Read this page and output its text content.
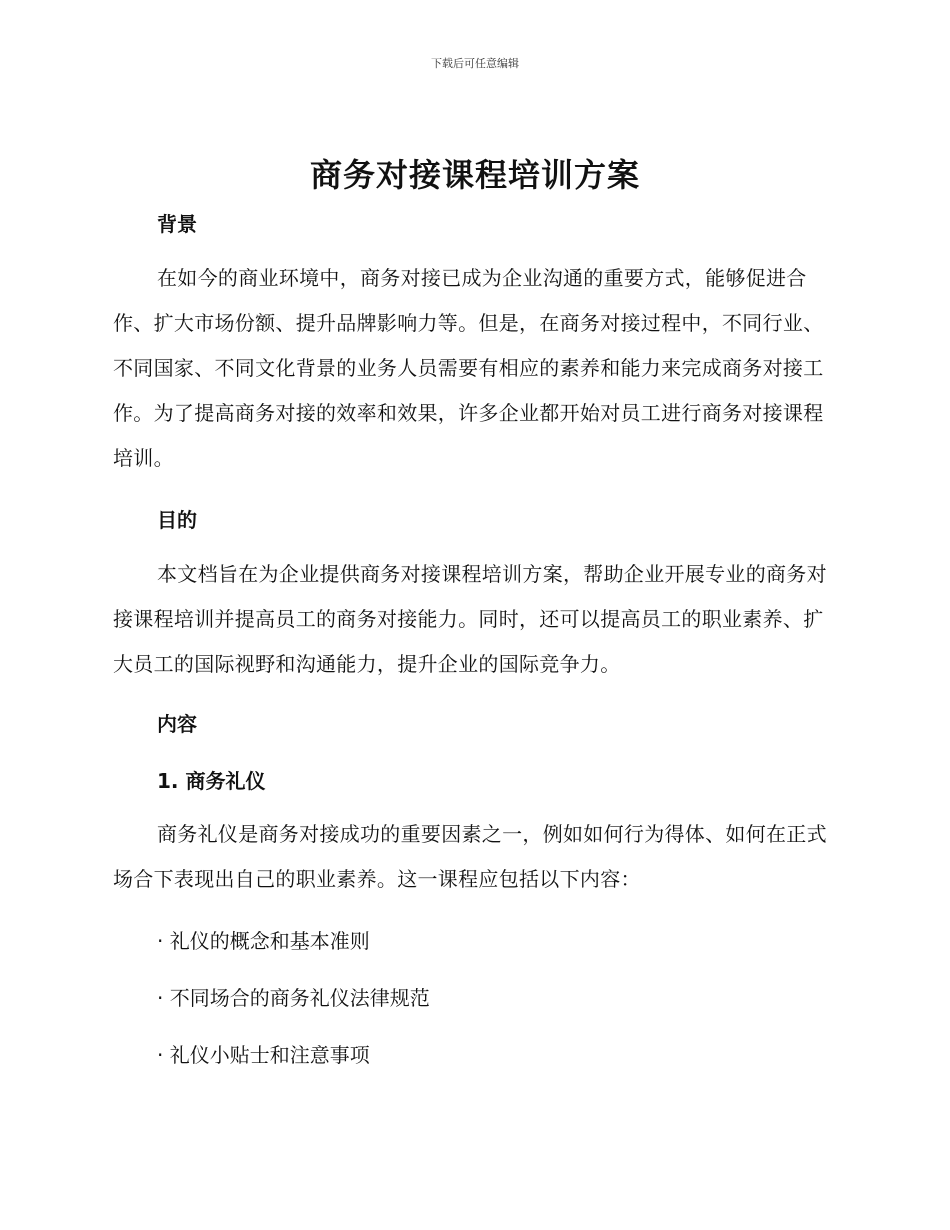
下载后可任意编辑
商务对接课程培训方案
背景

在如今的商业环境中，商务对接已成为企业沟通的重要方式，能够促进合作、扩大市场份额、提升品牌影响力等。但是，在商务对接过程中，不同行业、不同国家、不同文化背景的业务人员需要有相应的素养和能力来完成商务对接工作。为了提高商务对接的效率和效果，许多企业都开始对员工进行商务对接课程培训。

目的

本文档旨在为企业提供商务对接课程培训方案，帮助企业开展专业的商务对接课程培训并提高员工的商务对接能力。同时，还可以提高员工的职业素养、扩大员工的国际视野和沟通能力，提升企业的国际竞争力。

内容
1. 商务礼仪

商务礼仪是商务对接成功的重要因素之一，例如如何行为得体、如何在正式场合下表现出自己的职业素养。这一课程应包括以下内容：

· 礼仪的概念和基本准则
· 不同场合的商务礼仪法律规范
· 礼仪小贴士和注意事项
